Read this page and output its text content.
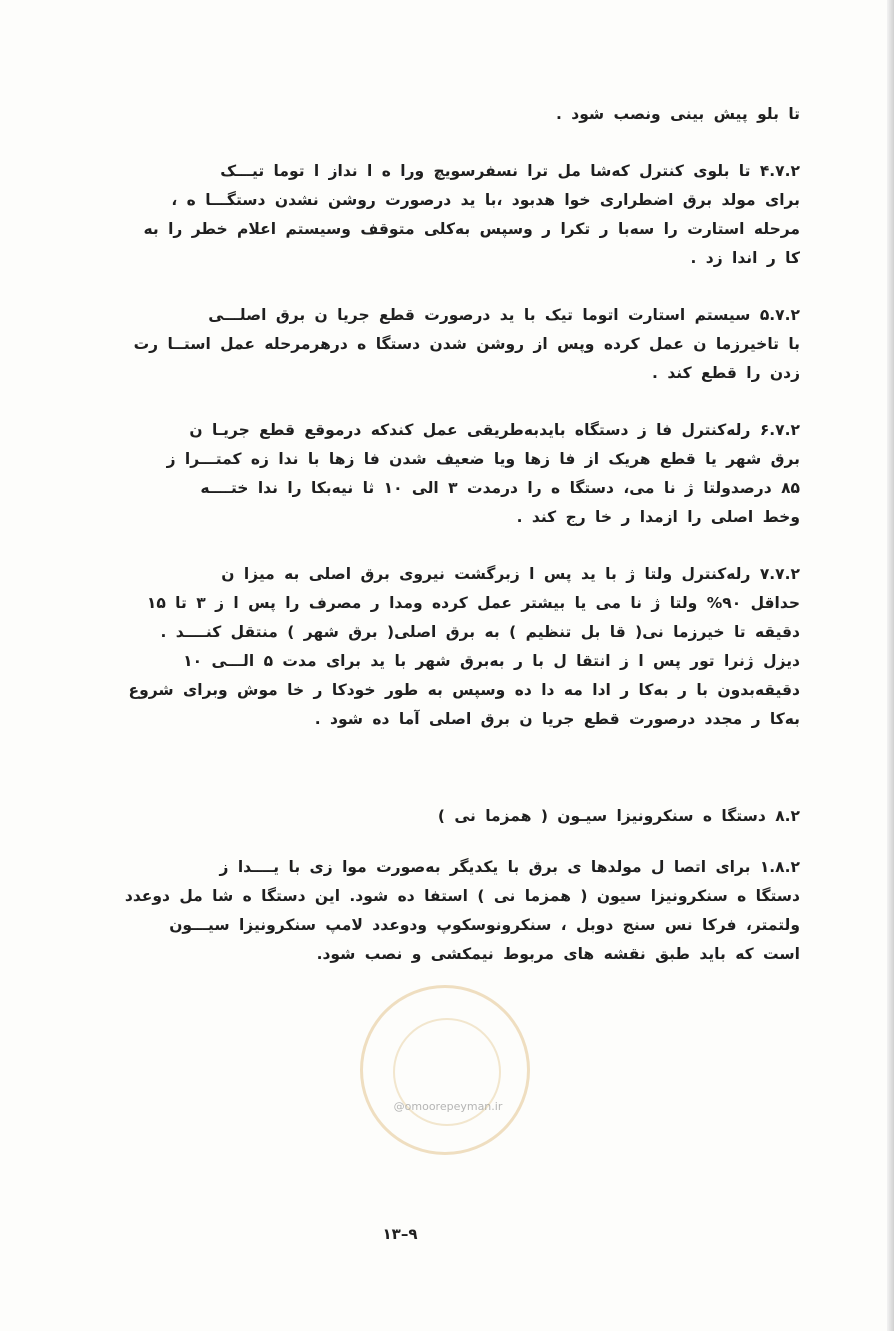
تا بلو پیش بینی ونصب شود .
۴.۷.۲ تا بلوی کنترل کەشا مل ترا نسفرسویچ ورا ه ا نداز ا توما تیـــک
برای مولد برق اضطراری خوا هدبود ،با ید درصورت روشن نشدن دستگـــا ه ،
مرحله استارت را سەبا ر تکرا ر وسپس بەکلی متوقف وسیستم اعلام خطر را بە
کا ر اندا زد .
۵.۷.۲ سیستم استارت اتوما تیک با ید درصورت قطع جریا ن برق اصلـــی
با تاخیرزما ن عمل کرده وپس از روشن شدن دستگا ه درهرمرحله عمل استــا رت
زدن را قطع کند .
۶.۷.۲ رلەکنترل فا ز دستگاه بایدبەطریقی عمل کندکه درموقع قطع جریـا ن
برق شهر یا قطع هریک از فا زها ویا ضعیف شدن فا زها با ندا زه کمتـــرا ز
۸۵ درصدولتا ژ نا می، دستگا ه را درمدت ۳ الی ۱۰ ثا نیەبکا را ندا ختــــه
وخط اصلی را ازمدا ر خا رج کند .
۷.۷.۲ رلەکنترل ولتا ژ با ید پس ا زبرگشت نیروی برق اصلی به میزا ن
حداقل ۹۰% ولتا ژ نا می یا بیشتر عمل کرده ومدا ر مصرف را پس ا ز ۳ تا ۱۵
دقیقه تا خیرزما نی( قا بل تنظیم ) بە برق اصلی( برق شهر ) منتقل کنــــد .
دیزل ژنرا تور پس ا ز انتقا ل با ر بەبرق شهر با ید برای مدت ۵ الـــی ۱۰
دقیقەبدون با ر بەکا ر ادا مه دا ده وسپس به طور خودکا ر خا موش وبرای شروع
بەکا ر مجدد درصورت قطع جریا ن برق اصلی آما ده شود .
۸.۲ دستگا ه سنکرونیزا سیـون ( همزما نی )
۱.۸.۲ برای اتصا ل مولدها ی برق با یکدیگر بەصورت موا زی با یــــدا ز
دستگا ه سنکرونیزا سیون ( همزما نی ) استفا ده شود. این دستگا ه شا مل دوعدد
ولتمتر، فرکا نس سنج دوبل ، سنکرونوسکوپ ودوعدد لامپ سنکرونیزا سیـــون
است که باید طبق نقشه های مربوط نیمکشی و نصب شود.
@omoorepeyman.ir
۹–۱۳
